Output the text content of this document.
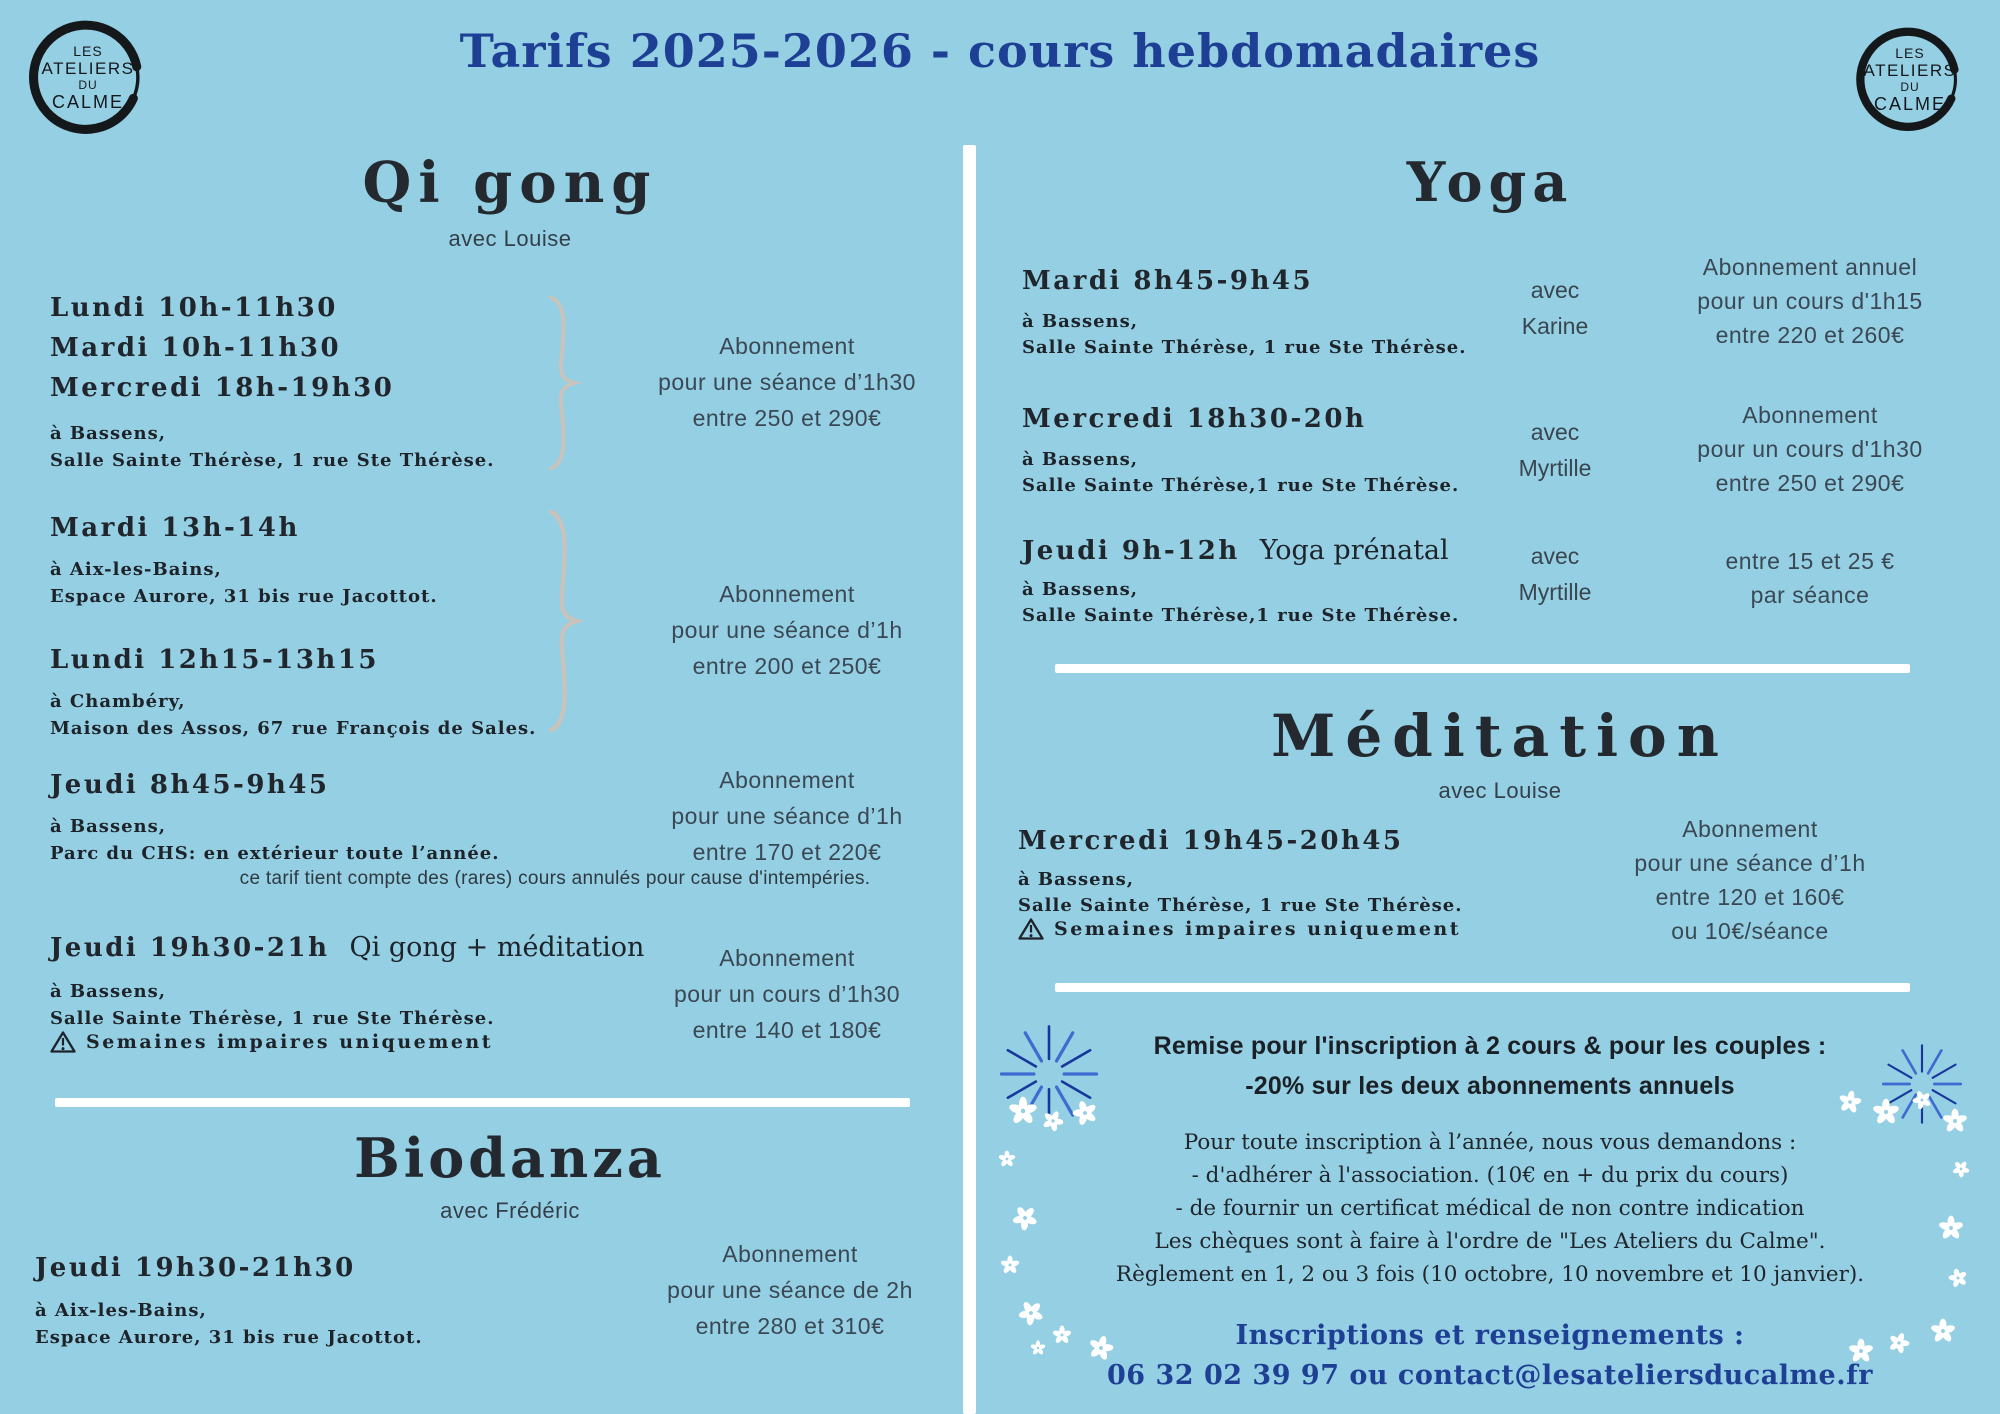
LES
ATELIERS
DU
CALME
LES
ATELIERS
DU
CALME
Tarifs 2025-2026 - cours hebdomadaires
Qi gong
avec Louise
Lundi 10h-11h30
Mardi 10h-11h30
Mercredi 18h-19h30
à Bassens,
Salle Sainte Thérèse, 1 rue Ste Thérèse.
Abonnement
pour une séance d’1h30
entre 250 et 290€
Mardi 13h-14h
à Aix-les-Bains,
Espace Aurore, 31 bis rue Jacottot.
Lundi 12h15-13h15
à Chambéry,
Maison des Assos, 67 rue François de Sales.
Abonnement
pour une séance d’1h
entre 200 et 250€
Jeudi 8h45-9h45
à Bassens,
Parc du CHS: en extérieur toute l’année.
Abonnement
pour une séance d’1h
entre 170 et 220€
ce tarif tient compte des (rares) cours annulés pour cause d'intempéries.
Jeudi 19h30-21h Qi gong + méditation
à Bassens,
Salle Sainte Thérèse, 1 rue Ste Thérèse.
Semaines impaires uniquement
Abonnement
pour un cours d’1h30
entre 140 et 180€
Biodanza
avec Frédéric
Jeudi 19h30-21h30
à Aix-les-Bains,
Espace Aurore, 31 bis rue Jacottot.
Abonnement
pour une séance de 2h
entre 280 et 310€
Yoga
Mardi 8h45-9h45
à Bassens,
Salle Sainte Thérèse, 1 rue Ste Thérèse.
avec
Karine
Abonnement annuel
pour un cours d'1h15
entre 220 et 260€
Mercredi 18h30-20h
à Bassens,
Salle Sainte Thérèse,1 rue Ste Thérèse.
avec
Myrtille
Abonnement
pour un cours d'1h30
entre 250 et 290€
Jeudi 9h-12h Yoga prénatal
à Bassens,
Salle Sainte Thérèse,1 rue Ste Thérèse.
avec
Myrtille
entre 15 et 25 €
par séance
Méditation
avec Louise
Mercredi 19h45-20h45
à Bassens,
Salle Sainte Thérèse, 1 rue Ste Thérèse.
Semaines impaires uniquement
Abonnement
pour une séance d’1h
entre 120 et 160€
ou 10€/séance
Remise pour l'inscription à 2 cours & pour les couples :
-20% sur les deux abonnements annuels
Pour toute inscription à l’année, nous vous demandons :
- d'adhérer à l'association. (10€ en + du prix du cours)
- de fournir un certificat médical de non contre indication
Les chèques sont à faire à l'ordre de "Les Ateliers du Calme".
Règlement en 1, 2 ou 3 fois (10 octobre, 10 novembre et 10 janvier).
Inscriptions et renseignements :
06 32 02 39 97 ou contact@lesateliersducalme.fr
